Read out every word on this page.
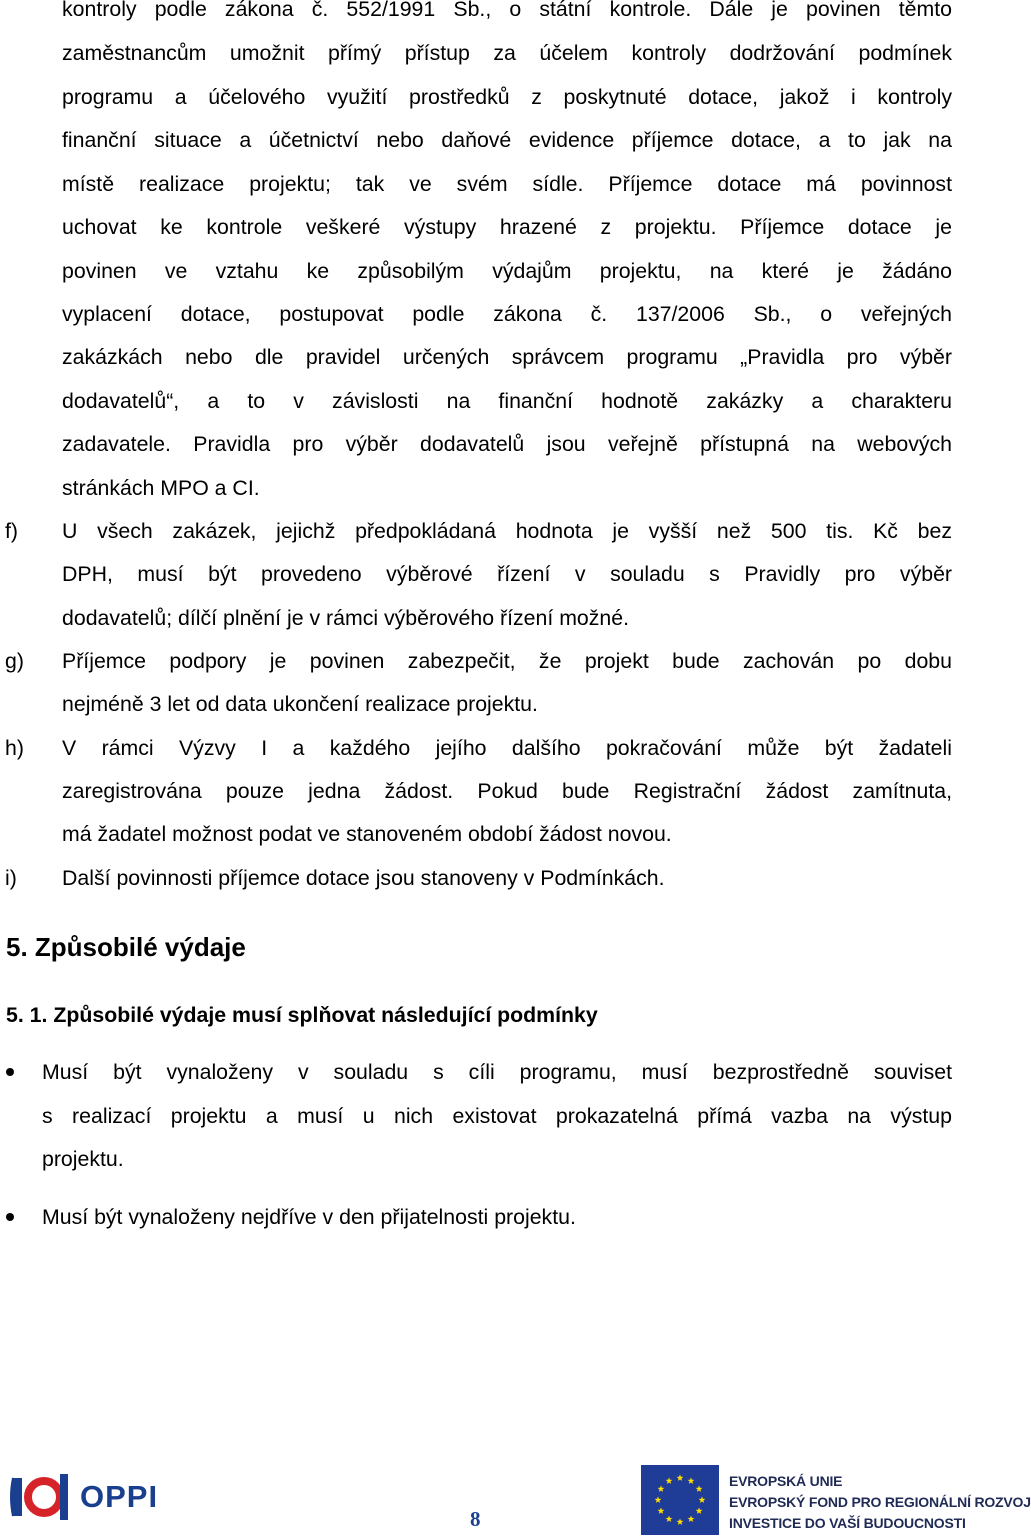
kontroly podle zákona č. 552/1991 Sb., o státní kontrole. Dále je povinen těmto
zaměstnancům umožnit přímý přístup za účelem kontroly dodržování podmínek
programu a účelového využití prostředků z poskytnuté dotace, jakož i kontroly
finanční situace a účetnictví nebo daňové evidence příjemce dotace, a to jak na
místě realizace projektu; tak ve svém sídle. Příjemce dotace má povinnost
uchovat ke kontrole veškeré výstupy hrazené z projektu. Příjemce dotace je
povinen ve vztahu ke způsobilým výdajům projektu, na které je žádáno
vyplacení dotace, postupovat podle zákona č. 137/2006 Sb., o veřejných
zakázkách nebo dle pravidel určených správcem programu „Pravidla pro výběr
dodavatelů“, a to v závislosti na finanční hodnotě zakázky a charakteru
zadavatele. Pravidla pro výběr dodavatelů jsou veřejně přístupná na webových
stránkách MPO a CI.
f) U všech zakázek, jejichž předpokládaná hodnota je vyšší než 500 tis. Kč bez
DPH, musí být provedeno výběrové řízení v souladu s Pravidly pro výběr
dodavatelů; dílčí plnění je v rámci výběrového řízení možné.
g) Příjemce podpory je povinen zabezpečit, že projekt bude zachován po dobu
nejméně 3 let od data ukončení realizace projektu.
h) V rámci Výzvy I a každého jejího dalšího pokračování může být žadateli
zaregistrována pouze jedna žádost. Pokud bude Registrační žádost zamítnuta,
má žadatel možnost podat ve stanoveném období žádost novou.
i) Další povinnosti příjemce dotace jsou stanoveny v Podmínkách.
5. Způsobilé výdaje
5. 1. Způsobilé výdaje musí splňovat následující podmínky
Musí být vynaloženy v souladu s cíli programu, musí bezprostředně souviset
s realizací projektu a musí u nich existovat prokazatelná přímá vazba na výstup
projektu.
Musí být vynaloženy nejdříve v den přijatelnosti projektu.
OPPI
8
EVROPSKÁ UNIE
EVROPSKÝ FOND PRO REGIONÁLNÍ ROZVOJ
INVESTICE DO VAŠÍ BUDOUCNOSTI
